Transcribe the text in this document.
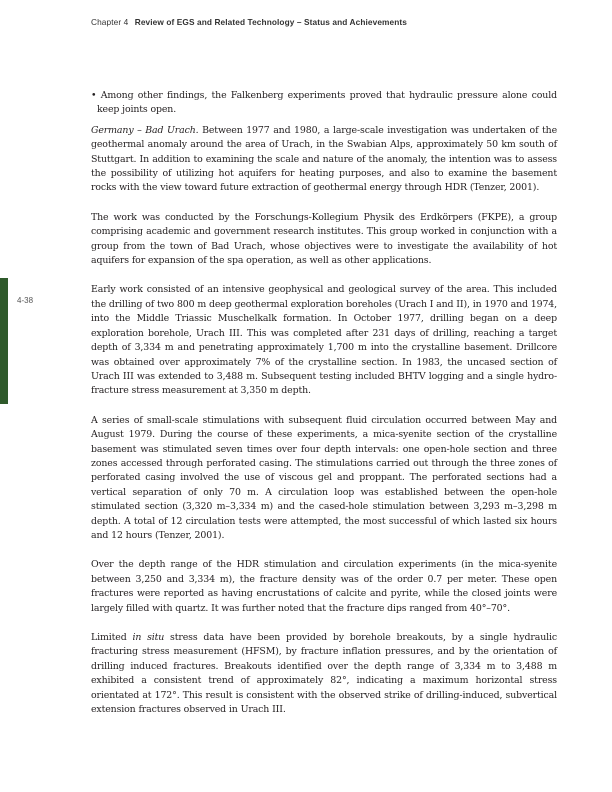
Chapter 4 Review of EGS and Related Technology – Status and Achievements
4-38

• Among other findings, the Falkenberg experiments proved that hydraulic pressure alone could keep joints open.

Germany – Bad Urach. Between 1977 and 1980, a large-scale investigation was undertaken of the geothermal anomaly around the area of Urach, in the Swabian Alps, approximately 50 km south of Stuttgart. In addition to examining the scale and nature of the anomaly, the intention was to assess the possibility of utilizing hot aquifers for heating purposes, and also to examine the basement rocks with the view toward future extraction of geothermal energy through HDR (Tenzer, 2001).

The work was conducted by the Forschungs-Kollegium Physik des Erdkörpers (FKPE), a group comprising academic and government research institutes. This group worked in conjunction with a group from the town of Bad Urach, whose objectives were to investigate the availability of hot aquifers for expansion of the spa operation, as well as other applications.

Early work consisted of an intensive geophysical and geological survey of the area. This included the drilling of two 800 m deep geothermal exploration boreholes (Urach I and II), in 1970 and 1974, into the Middle Triassic Muschelkalk formation. In October 1977, drilling began on a deep exploration borehole, Urach III. This was completed after 231 days of drilling, reaching a target depth of 3,334 m and penetrating approximately 1,700 m into the crystalline basement. Drillcore was obtained over approximately 7% of the crystalline section. In 1983, the uncased section of Urach III was extended to 3,488 m. Subsequent testing included BHTV logging and a single hydro-fracture stress measurement at 3,350 m depth.

A series of small-scale stimulations with subsequent fluid circulation occurred between May and August 1979. During the course of these experiments, a mica-syenite section of the crystalline basement was stimulated seven times over four depth intervals: one open-hole section and three zones accessed through perforated casing. The stimulations carried out through the three zones of perforated casing involved the use of viscous gel and proppant. The perforated sections had a vertical separation of only 70 m. A circulation loop was established between the open-hole stimulated section (3,320 m–3,334 m) and the cased-hole stimulation between 3,293 m–3,298 m depth. A total of 12 circulation tests were attempted, the most successful of which lasted six hours and 12 hours (Tenzer, 2001).

Over the depth range of the HDR stimulation and circulation experiments (in the mica-syenite between 3,250 and 3,334 m), the fracture density was of the order 0.7 per meter. These open fractures were reported as having encrustations of calcite and pyrite, while the closed joints were largely filled with quartz. It was further noted that the fracture dips ranged from 40°–70°.

Limited in situ stress data have been provided by borehole breakouts, by a single hydraulic fracturing stress measurement (HFSM), by fracture inflation pressures, and by the orientation of drilling induced fractures. Breakouts identified over the depth range of 3,334 m to 3,488 m exhibited a consistent trend of approximately 82°, indicating a maximum horizontal stress orientated at 172°. This result is consistent with the observed strike of drilling-induced, subvertical extension fractures observed in Urach III.
